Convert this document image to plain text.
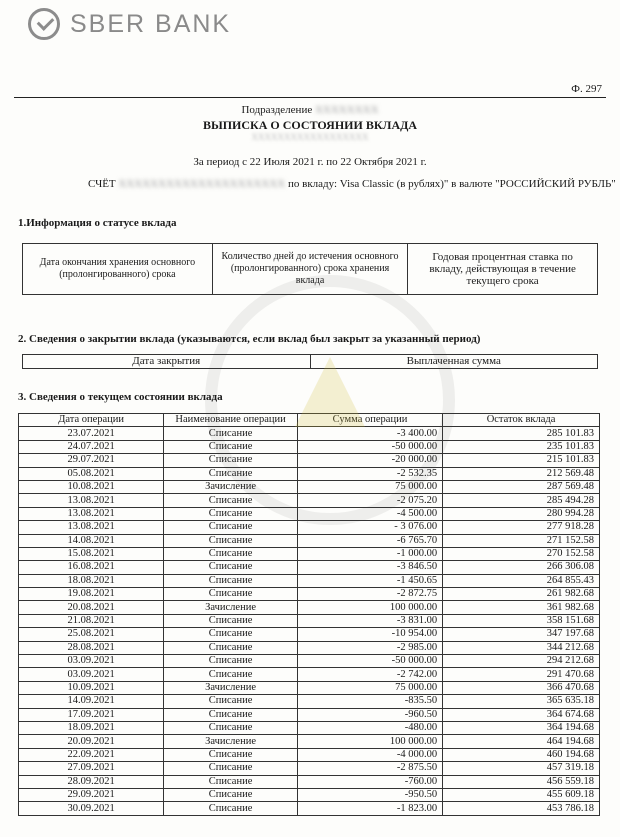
SBER BANK
Ф. 297
Подразделение XXXXXXXX
ВЫПИСКА О СОСТОЯНИИ ВКЛАДА
XXXXXXXXXXXXXXXXXX
За период с 22 Июля 2021 г. по 22 Октября 2021 г.
СЧЁТ XXXXXXXXXXXXXXXXXXXXX по вкладу: Visa Classic (в рублях)" в валюте "РОССИЙСКИЙ РУБЛЬ"
1.Информация о статусе вклада
Дата окончания хранения основного (пролонгированного) срока	Количество дней до истечения основного (пролонгированного) срока хранения вклада	Годовая процентная ставка по вкладу, действующая в течение текущего срока
2. Сведения о закрытии вклада (указываются, если вклад был закрыт за указанный период)
Дата закрытия	Выплаченная сумма
3. Сведения о текущем состоянии вклада
Дата операции	Наименование операции	Сумма операции	Остаток вклада
23.07.2021	Списание	-3 400.00	285 101.83
24.07.2021	Списание	-50 000.00	235 101.83
29.07.2021	Списание	-20 000.00	215 101.83
05.08.2021	Списание	-2 532.35	212 569.48
10.08.2021	Зачисление	75 000.00	287 569.48
13.08.2021	Списание	-2 075.20	285 494.28
13.08.2021	Списание	-4 500.00	280 994.28
13.08.2021	Списание	- 3 076.00	277 918.28
14.08.2021	Списание	-6 765.70	271 152.58
15.08.2021	Списание	-1 000.00	270 152.58
16.08.2021	Списание	-3 846.50	266 306.08
18.08.2021	Списание	-1 450.65	264 855.43
19.08.2021	Списание	-2 872.75	261 982.68
20.08.2021	Зачисление	100 000.00	361 982.68
21.08.2021	Списание	-3 831.00	358 151.68
25.08.2021	Списание	-10 954.00	347 197.68
28.08.2021	Списание	-2 985.00	344 212.68
03.09.2021	Списание	-50 000.00	294 212.68
03.09.2021	Списание	-2 742.00	291 470.68
10.09.2021	Зачисление	75 000.00	366 470.68
14.09.2021	Списание	-835.50	365 635.18
17.09.2021	Списание	-960.50	364 674.68
18.09.2021	Списание	-480.00	364 194.68
20.09.2021	Зачисление	100 000.00	464 194.68
22.09.2021	Списание	-4 000.00	460 194.68
27.09.2021	Списание	-2 875.50	457 319.18
28.09.2021	Списание	-760.00	456 559.18
29.09.2021	Списание	-950.50	455 609.18
30.09.2021	Списание	-1 823.00	453 786.18
